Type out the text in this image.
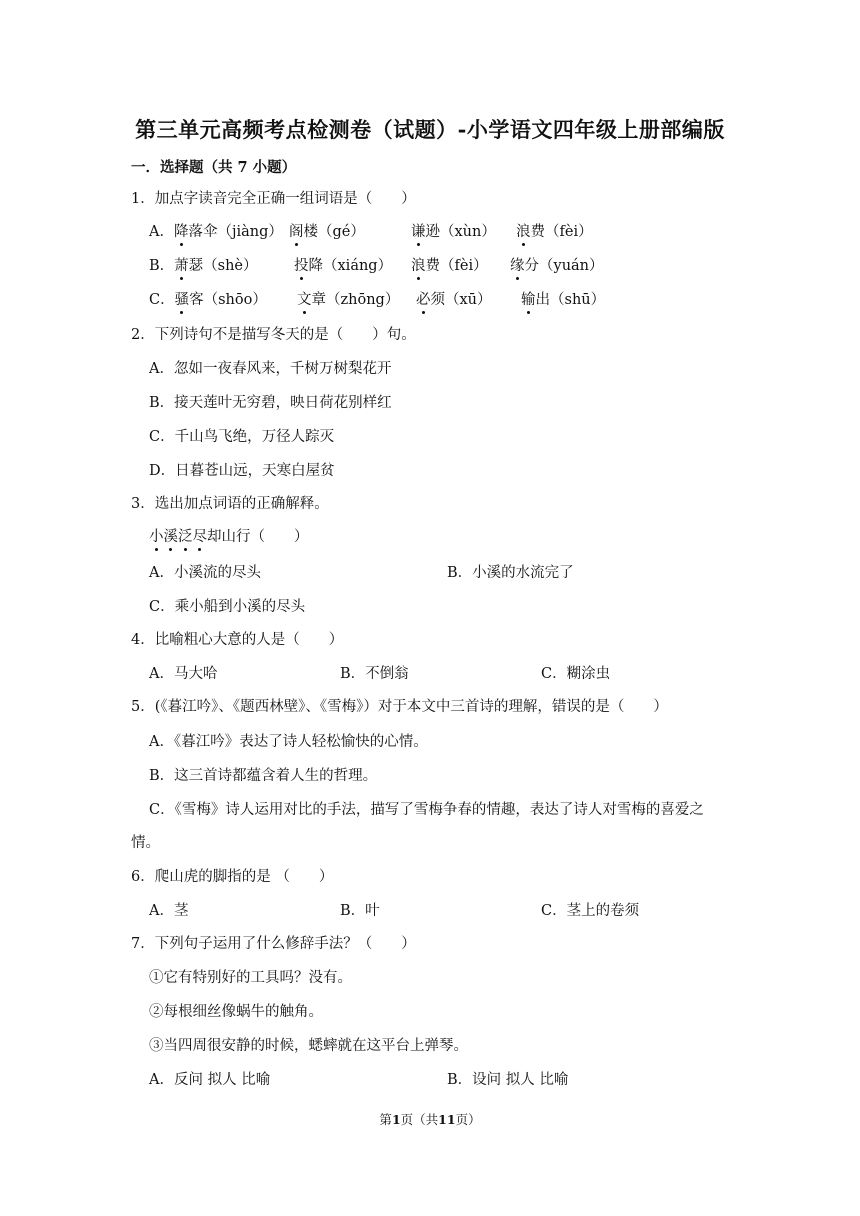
第三单元高频考点检测卷（试题）-小学语文四年级上册部编版
一．选择题（共 7 小题）
1．加点字读音完全正确一组词语是（　　）
A．降落伞（jiàng） 阁楼（gé）	谦逊（xùn） 浪费（fèi）
B．萧瑟（shè）	投降（xiáng） 浪费（fèi） 缘分（yuán）
C．骚客（shōo） 文章（zhōng） 必须（xū） 输出（shū）
2．下列诗句不是描写冬天的是（　　）句。
A．忽如一夜春风来，千树万树梨花开
B．接天莲叶无穷碧，映日荷花别样红
C．千山鸟飞绝，万径人踪灭
D．日暮苍山远，天寒白屋贫
3．选出加点词语的正确解释。
小溪泛尽却山行（　　）
A．小溪流的尽头	B．小溪的水流完了
C．乘小船到小溪的尽头
4．比喻粗心大意的人是（　　）
A．马大哈	B．不倒翁	C．糊涂虫
5．(《暮江吟》、《题西林壁》、《雪梅》）对于本文中三首诗的理解，错误的是（　　）
A．《暮江吟》表达了诗人轻松愉快的心情。
B．这三首诗都蕴含着人生的哲理。
C．《雪梅》诗人运用对比的手法，描写了雪梅争春的情趣，表达了诗人对雪梅的喜爱之
情。
6．爬山虎的脚指的是 （　　）
A．茎	B．叶	C．茎上的卷须
7．下列句子运用了什么修辞手法？（　　）
①它有特别好的工具吗？没有。
②每根细丝像蜗牛的触角。
③当四周很安静的时候，蟋蟀就在这平台上弹琴。
A．反问 拟人 比喻	B．设问 拟人 比喻
第1页（共11页）
